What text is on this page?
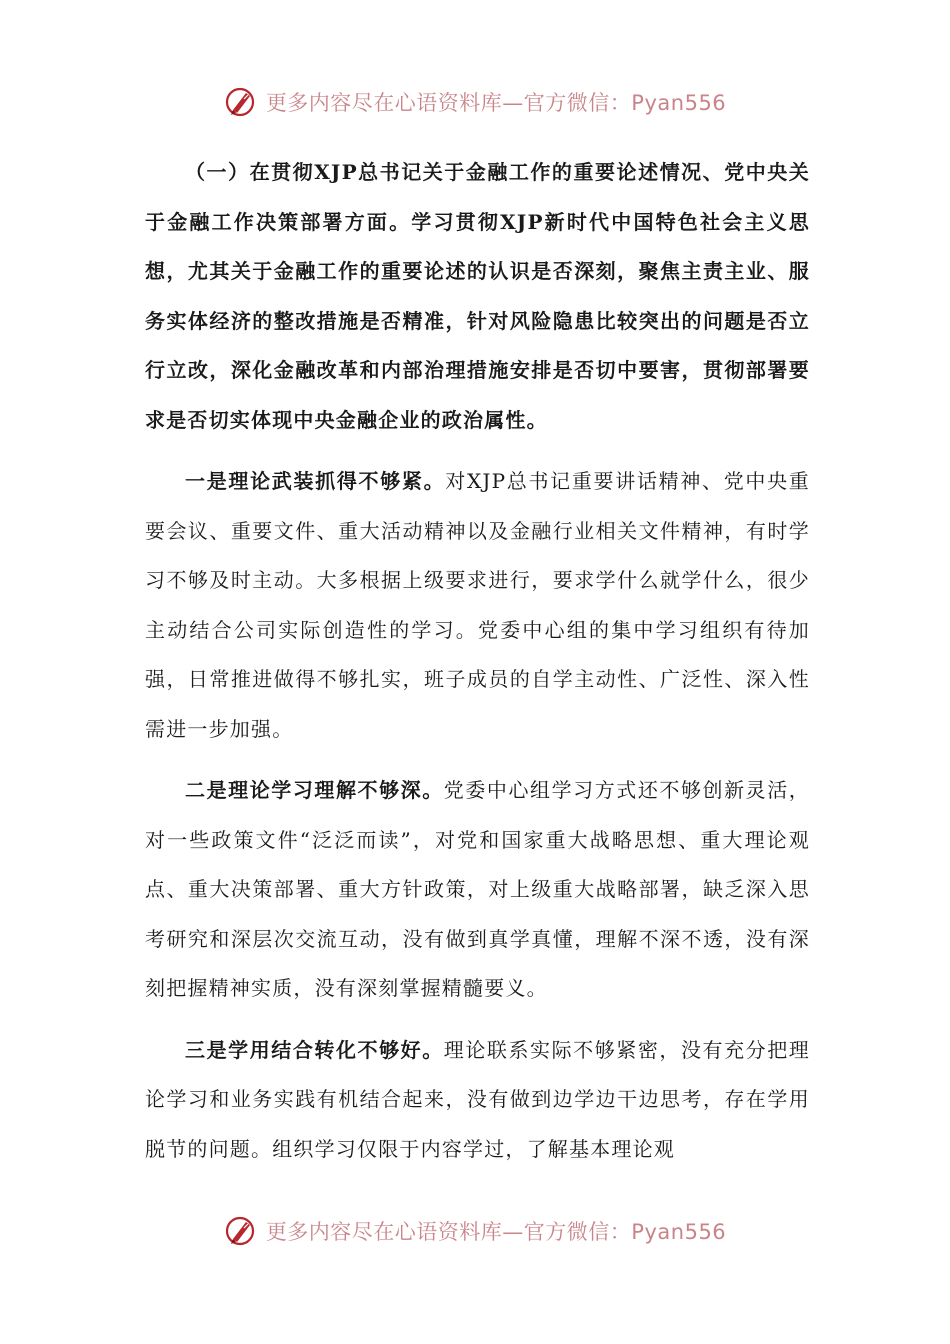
更多内容尽在心语资料库—官方微信：Pyan556

（一）在贯彻XJP总书记关于金融工作的重要论述情况、党中央关于金融工作决策部署方面。学习贯彻XJP新时代中国特色社会主义思想，尤其关于金融工作的重要论述的认识是否深刻，聚焦主责主业、服务实体经济的整改措施是否精准，针对风险隐患比较突出的问题是否立行立改，深化金融改革和内部治理措施安排是否切中要害，贯彻部署要求是否切实体现中央金融企业的政治属性。

一是理论武装抓得不够紧。对XJP总书记重要讲话精神、党中央重要会议、重要文件、重大活动精神以及金融行业相关文件精神，有时学习不够及时主动。大多根据上级要求进行，要求学什么就学什么，很少主动结合公司实际创造性的学习。党委中心组的集中学习组织有待加强，日常推进做得不够扎实，班子成员的自学主动性、广泛性、深入性需进一步加强。

二是理论学习理解不够深。党委中心组学习方式还不够创新灵活，对一些政策文件“泛泛而读”，对党和国家重大战略思想、重大理论观点、重大决策部署、重大方针政策，对上级重大战略部署，缺乏深入思考研究和深层次交流互动，没有做到真学真懂，理解不深不透，没有深刻把握精神实质，没有深刻掌握精髓要义。

三是学用结合转化不够好。理论联系实际不够紧密，没有充分把理论学习和业务实践有机结合起来，没有做到边学边干边思考，存在学用脱节的问题。组织学习仅限于内容学过，了解基本理论观

更多内容尽在心语资料库—官方微信：Pyan556
